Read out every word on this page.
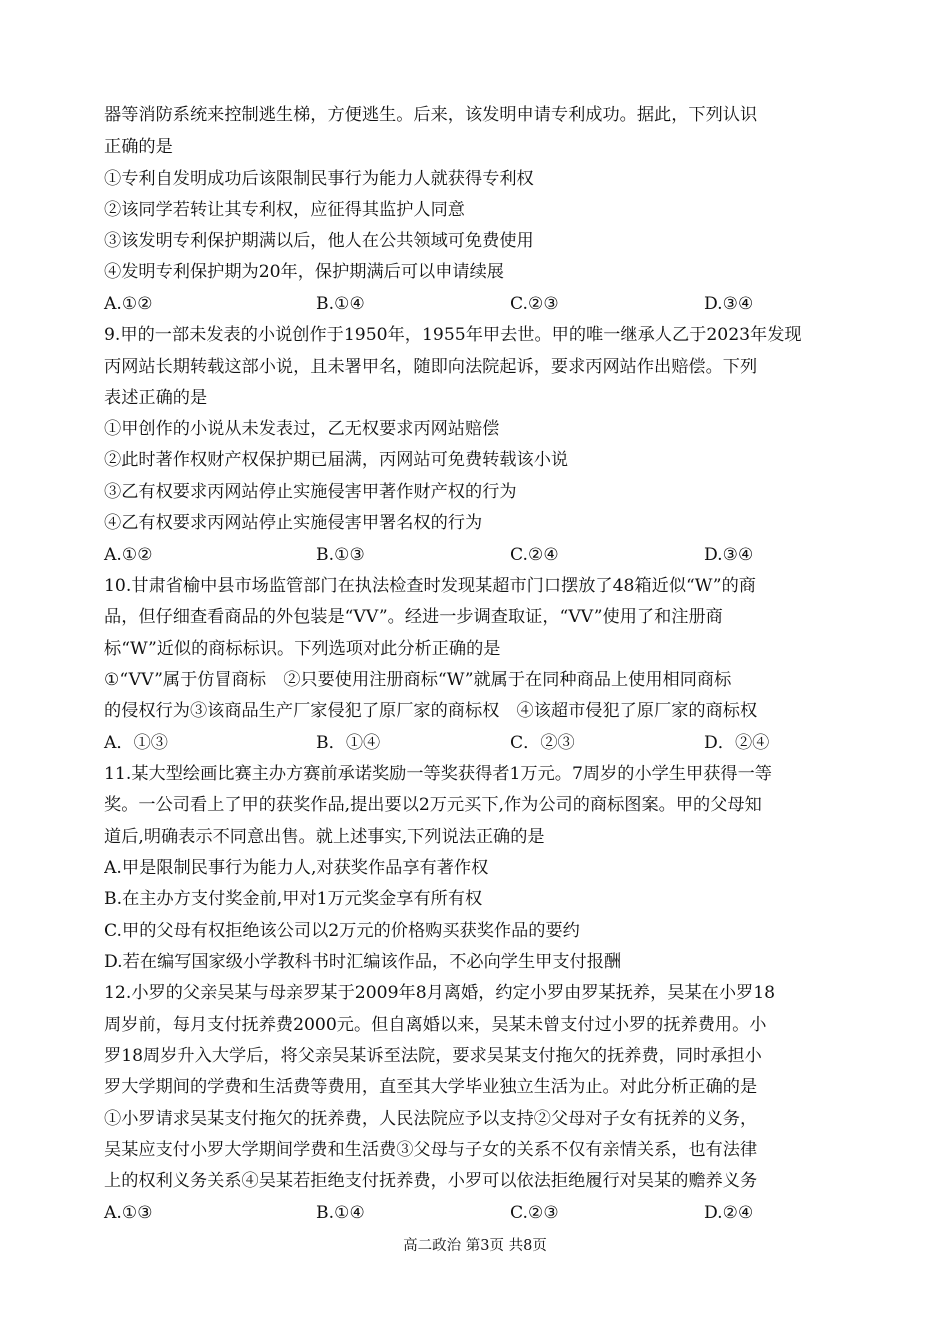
器等消防系统来控制逃生梯，方便逃生。后来，该发明申请专利成功。据此，下列认识
正确的是
①专利自发明成功后该限制民事行为能力人就获得专利权
②该同学若转让其专利权，应征得其监护人同意
③该发明专利保护期满以后，他人在公共领域可免费使用
④发明专利保护期为20年，保护期满后可以申请续展
A.①②	B.①④	C.②③	D.③④
9.甲的一部未发表的小说创作于1950年，1955年甲去世。甲的唯一继承人乙于2023年发现
丙网站长期转载这部小说，且未署甲名，随即向法院起诉，要求丙网站作出赔偿。下列
表述正确的是
①甲创作的小说从未发表过，乙无权要求丙网站赔偿
②此时著作权财产权保护期已届满，丙网站可免费转载该小说
③乙有权要求丙网站停止实施侵害甲著作财产权的行为
④乙有权要求丙网站停止实施侵害甲署名权的行为
A.①②	B.①③	C.②④	D.③④
10.甘肃省榆中县市场监管部门在执法检查时发现某超市门口摆放了48箱近似“W”的商
品，但仔细查看商品的外包装是“VV”。经进一步调查取证，“VV”使用了和注册商
标“W”近似的商标标识。下列选项对此分析正确的是
①“VV”属于仿冒商标　②只要使用注册商标“W”就属于在同种商品上使用相同商标
的侵权行为③该商品生产厂家侵犯了原厂家的商标权　④该超市侵犯了原厂家的商标权
A．①③	B．①④	C．②③	D．②④
11.某大型绘画比赛主办方赛前承诺奖励一等奖获得者1万元。7周岁的小学生甲获得一等
奖。一公司看上了甲的获奖作品,提出要以2万元买下,作为公司的商标图案。甲的父母知
道后,明确表示不同意出售。就上述事实,下列说法正确的是
A.甲是限制民事行为能力人,对获奖作品享有著作权
B.在主办方支付奖金前,甲对1万元奖金享有所有权
C.甲的父母有权拒绝该公司以2万元的价格购买获奖作品的要约
D.若在编写国家级小学教科书时汇编该作品，不必向学生甲支付报酬
12.小罗的父亲吴某与母亲罗某于2009年8月离婚，约定小罗由罗某抚养，吴某在小罗18
周岁前，每月支付抚养费2000元。但自离婚以来，吴某未曾支付过小罗的抚养费用。小
罗18周岁升入大学后，将父亲吴某诉至法院，要求吴某支付拖欠的抚养费，同时承担小
罗大学期间的学费和生活费等费用，直至其大学毕业独立生活为止。对此分析正确的是
①小罗请求吴某支付拖欠的抚养费，人民法院应予以支持②父母对子女有抚养的义务，
吴某应支付小罗大学期间学费和生活费③父母与子女的关系不仅有亲情关系，也有法律
上的权利义务关系④吴某若拒绝支付抚养费，小罗可以依法拒绝履行对吴某的赡养义务
A.①③	B.①④	C.②③	D.②④
高二政治 第3页 共8页
